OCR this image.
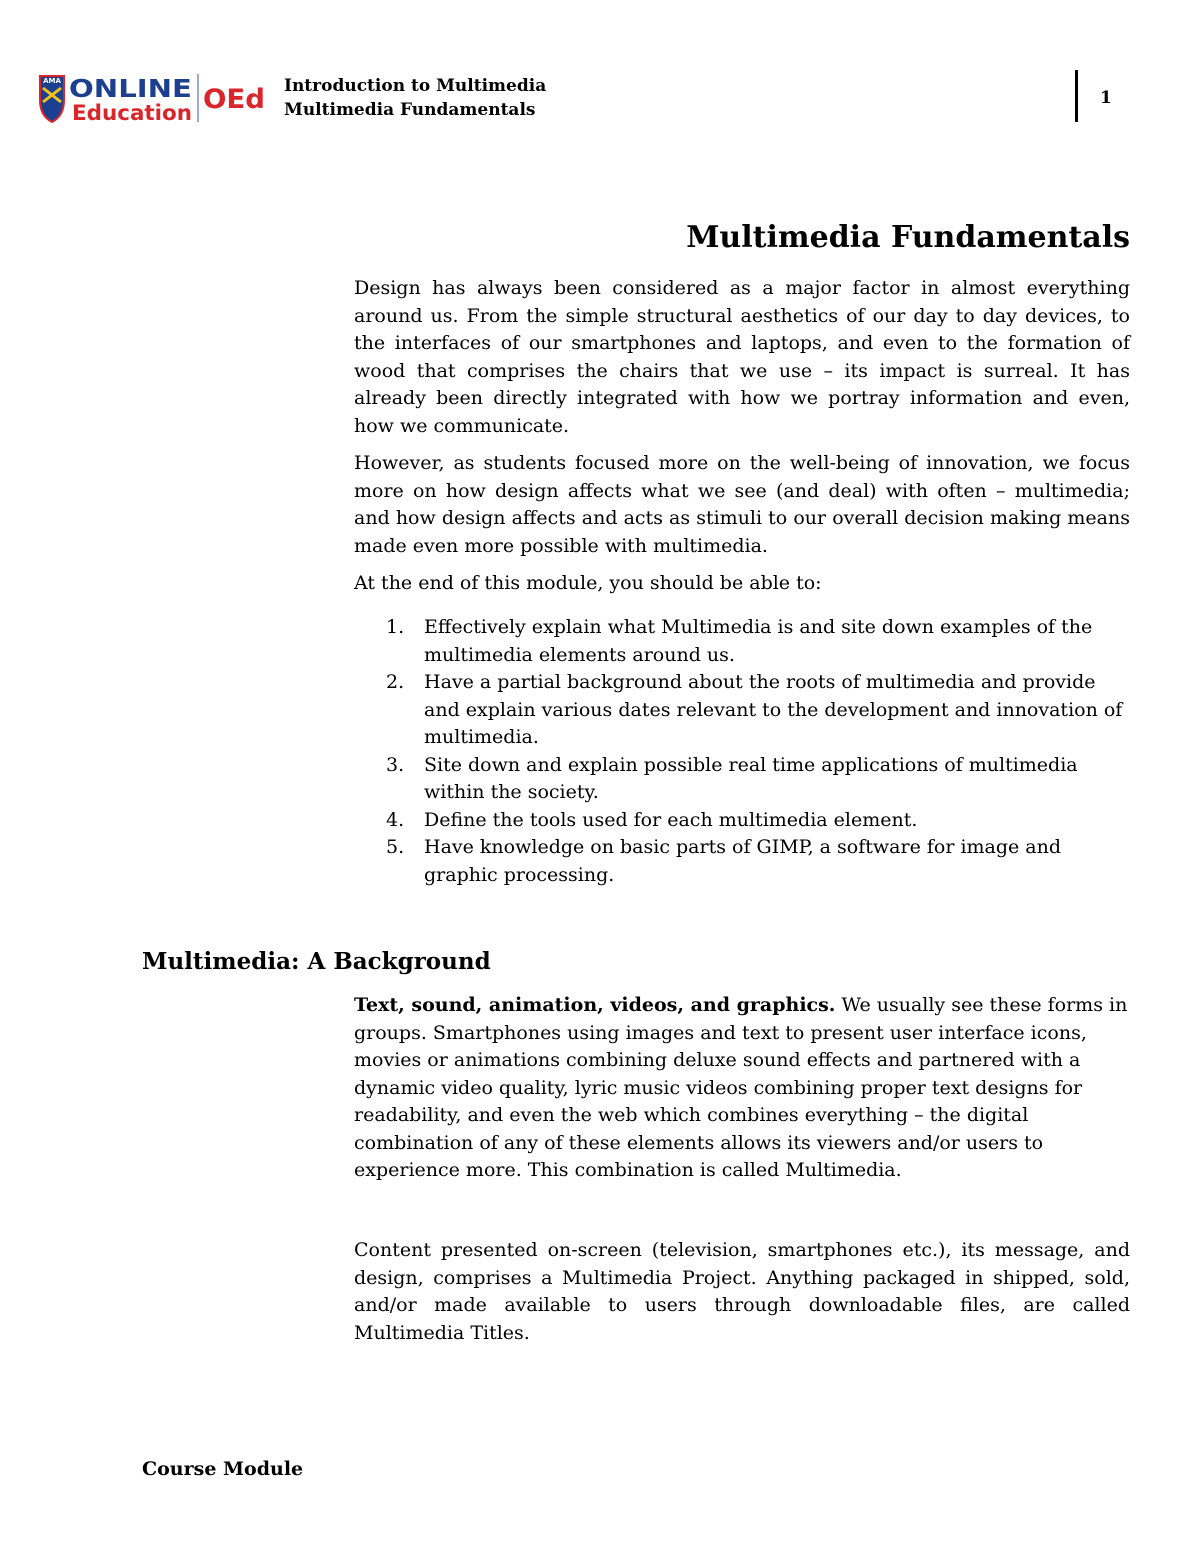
AMA ONLINE
Education OEd Introduction to Multimedia
Multimedia Fundamentals
1
Multimedia Fundamentals

Design has always been considered as a major factor in almost everything around us. From the simple structural aesthetics of our day to day devices, to the interfaces of our smartphones and laptops, and even to the formation of wood that comprises the chairs that we use – its impact is surreal. It has already been directly integrated with how we portray information and even, how we communicate.

However, as students focused more on the well-being of innovation, we focus more on how design affects what we see (and deal) with often – multimedia; and how design affects and acts as stimuli to our overall decision making means made even more possible with multimedia.

At the end of this module, you should be able to:

1. Effectively explain what Multimedia is and site down examples of the multimedia elements around us.
2. Have a partial background about the roots of multimedia and provide and explain various dates relevant to the development and innovation of multimedia.
3. Site down and explain possible real time applications of multimedia within the society.
4. Define the tools used for each multimedia element.
5. Have knowledge on basic parts of GIMP, a software for image and graphic processing.
Multimedia: A Background

Text, sound, animation, videos, and graphics. We usually see these forms in groups. Smartphones using images and text to present user interface icons, movies or animations combining deluxe sound effects and partnered with a dynamic video quality, lyric music videos combining proper text designs for readability, and even the web which combines everything – the digital combination of any of these elements allows its viewers and/or users to experience more. This combination is called Multimedia.

Content presented on-screen (television, smartphones etc.), its message, and design, comprises a Multimedia Project. Anything packaged in shipped, sold, and/or made available to users through downloadable files, are called Multimedia Titles.

Course Module
